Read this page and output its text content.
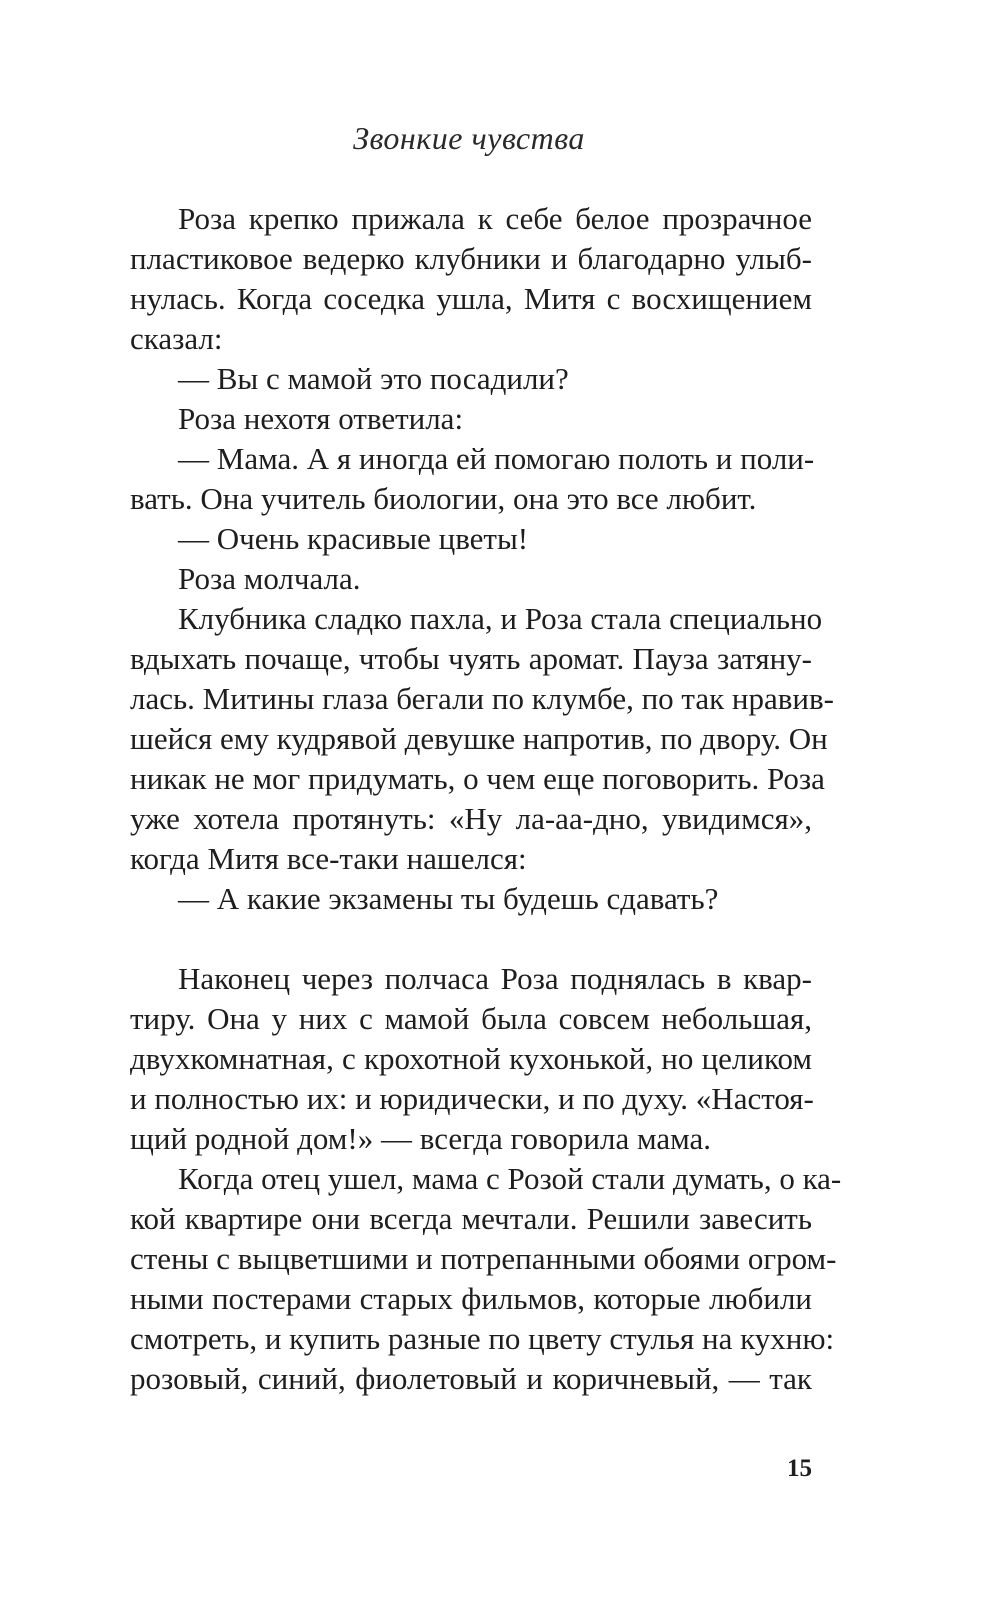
Звонкие чувства
Роза крепко прижала к себе белое прозрачное
пластиковое ведерко клубники и благодарно улыб-
нулась. Когда соседка ушла, Митя с восхищением
сказал:
— Вы с мамой это посадили?
Роза нехотя ответила:
— Мама. А я иногда ей помогаю полоть и поли-
вать. Она учитель биологии, она это все любит.
— Очень красивые цветы!
Роза молчала.
Клубника сладко пахла, и Роза стала специально
вдыхать почаще, чтобы чуять аромат. Пауза затяну-
лась. Митины глаза бегали по клумбе, по так нравив-
шейся ему кудрявой девушке напротив, по двору. Он
никак не мог придумать, о чем еще поговорить. Роза
уже хотела протянуть: «Ну ла-аа-дно, увидимся»,
когда Митя все-таки нашелся:
— А какие экзамены ты будешь сдавать?
Наконец через полчаса Роза поднялась в квар-
тиру. Она у них с мамой была совсем небольшая,
двухкомнатная, с крохотной кухонькой, но целиком
и полностью их: и юридически, и по духу. «Настоя-
щий родной дом!» — всегда говорила мама.
Когда отец ушел, мама с Розой стали думать, о ка-
кой квартире они всегда мечтали. Решили завесить
стены с выцветшими и потрепанными обоями огром-
ными постерами старых фильмов, которые любили
смотреть, и купить разные по цвету стулья на кухню:
розовый, синий, фиолетовый и коричневый, — так
15
